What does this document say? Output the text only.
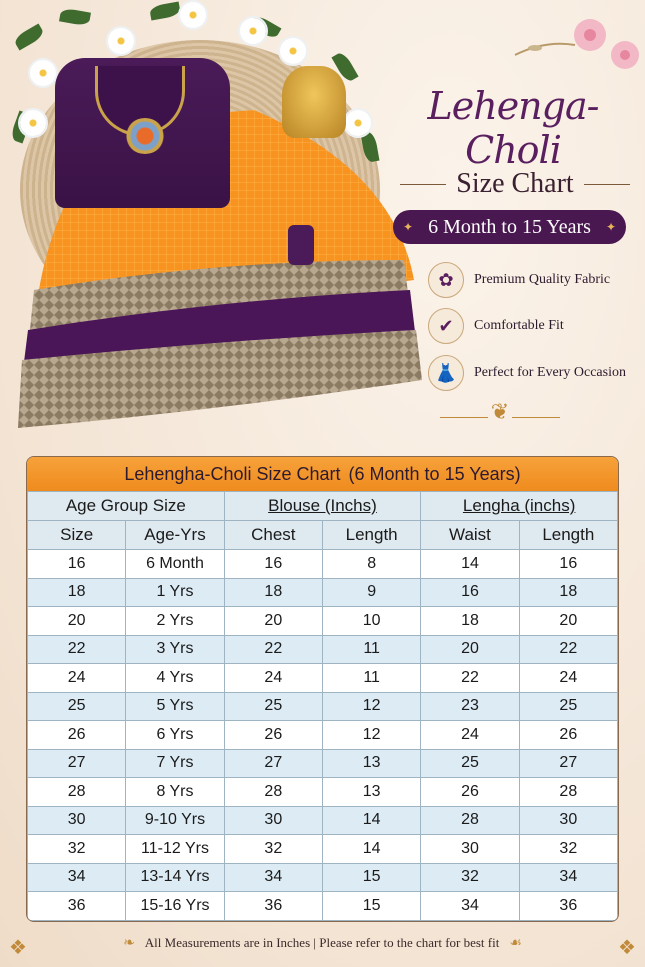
Lehenga-Choli
Size Chart
✦ 6 Month to 15 Years
✦
✿	Premium Quality Fabric
✔	Comfortable Fit
👗	Perfect for Every Occasion
❦
Lehengha-Choli Size Chart (6 Month to 15 Years)
Age Group Size		Blouse (Inchs)		Lengha (inchs)	
Size	Age-Yrs	Chest	Length	Waist	Length
16	6 Month	16	8	14	16
18	1 Yrs	18	9	16	18
20	2 Yrs	20	10	18	20
22	3 Yrs	22	11	20	22
24	4 Yrs	24	11	22	24
25	5 Yrs	25	12	23	25
26	6 Yrs	26	12	24	26
27	7 Yrs	27	13	25	27
28	8 Yrs	28	13	26	28
30	9-10 Yrs	30	14	28	30
32	11-12 Yrs	32	14	30	32
34	13-14 Yrs	34	15	32	34
36	15-16 Yrs	36	15	34	36
❧ All Measurements are in Inches | Please refer to the chart for best fit ☙
❖	❖
